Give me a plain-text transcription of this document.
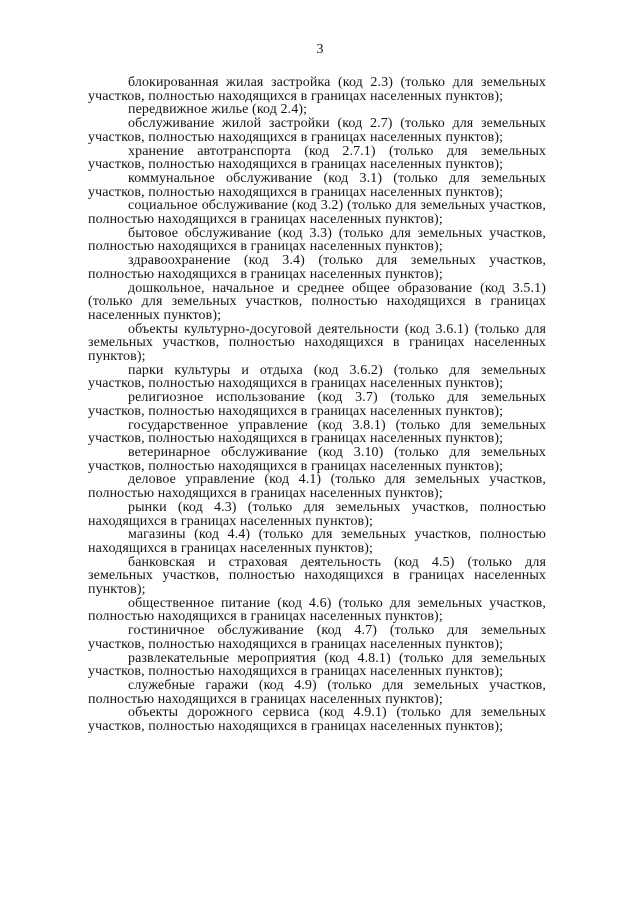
3

блокированная жилая застройка (код 2.3) (только для земельных участков, полностью находящихся в границах населенных пунктов);

передвижное жилье (код 2.4);

обслуживание жилой застройки (код 2.7) (только для земельных участков, полностью находящихся в границах населенных пунктов);

хранение автотранспорта (код 2.7.1) (только для земельных участков, полностью находящихся в границах населенных пунктов);

коммунальное обслуживание (код 3.1) (только для земельных участков, полностью находящихся в границах населенных пунктов);

социальное обслуживание (код 3.2) (только для земельных участков, полностью находящихся в границах населенных пунктов);

бытовое обслуживание (код 3.3) (только для земельных участков, полностью находящихся в границах населенных пунктов);

здравоохранение (код 3.4) (только для земельных участков, полностью находящихся в границах населенных пунктов);

дошкольное, начальное и среднее общее образование (код 3.5.1) (только для земельных участков, полностью находящихся в границах населенных пунктов);

объекты культурно-досуговой деятельности (код 3.6.1) (только для земельных участков, полностью находящихся в границах населенных пунктов);

парки культуры и отдыха (код 3.6.2) (только для земельных участков, полностью находящихся в границах населенных пунктов);

религиозное использование (код 3.7) (только для земельных участков, полностью находящихся в границах населенных пунктов);

государственное управление (код 3.8.1) (только для земельных участков, полностью находящихся в границах населенных пунктов);

ветеринарное обслуживание (код 3.10) (только для земельных участков, полностью находящихся в границах населенных пунктов);

деловое управление (код 4.1) (только для земельных участков, полностью находящихся в границах населенных пунктов);

рынки (код 4.3) (только для земельных участков, полностью находящихся в границах населенных пунктов);

магазины (код 4.4) (только для земельных участков, полностью находящихся в границах населенных пунктов);

банковская и страховая деятельность (код 4.5) (только для земельных участков, полностью находящихся в границах населенных пунктов);

общественное питание (код 4.6) (только для земельных участков, полностью находящихся в границах населенных пунктов);

гостиничное обслуживание (код 4.7) (только для земельных участков, полностью находящихся в границах населенных пунктов);

развлекательные мероприятия (код 4.8.1) (только для земельных участков, полностью находящихся в границах населенных пунктов);

служебные гаражи (код 4.9) (только для земельных участков, полностью находящихся в границах населенных пунктов);

объекты дорожного сервиса (код 4.9.1) (только для земельных участков, полностью находящихся в границах населенных пунктов);
